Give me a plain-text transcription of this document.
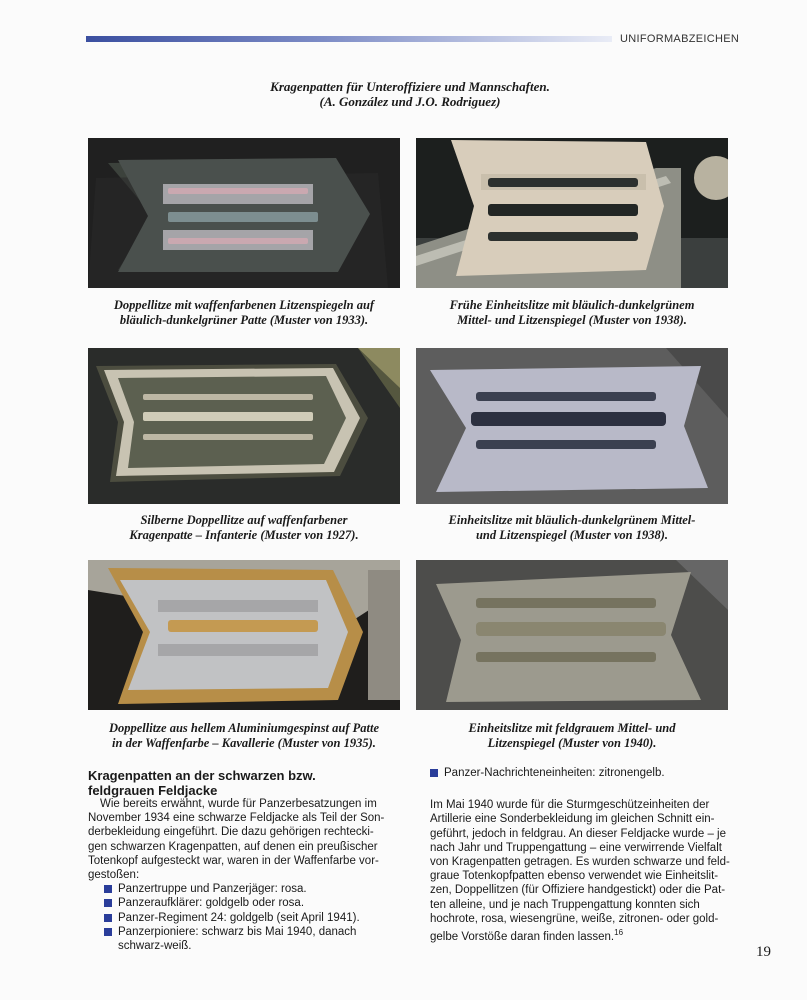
UNIFORMABZEICHEN
Kragenpatten für Unteroffiziere und Mannschaften.
(A. González und J.O. Rodriguez)
Doppellitze mit waffenfarbenen Litzenspiegeln auf
bläulich-dunkelgrüner Patte (Muster von 1933).
Frühe Einheitslitze mit bläulich-dunkelgrünem
Mittel- und Litzenspiegel (Muster von 1938).
Silberne Doppellitze auf waffenfarbener
Kragenpatte – Infanterie (Muster von 1927).
Einheitslitze mit bläulich-dunkelgrünem Mittel-
und Litzenspiegel (Muster von 1938).
Doppellitze aus hellem Aluminiumgespinst auf Patte
in der Waffenfarbe – Kavallerie (Muster von 1935).
Einheitslitze mit feldgrauem Mittel- und
Litzenspiegel (Muster von 1940).
Kragenpatten an der schwarzen bzw.
feldgrauen Feldjacke

Wie bereits erwähnt, wurde für Panzerbesatzungen im

November 1934 eine schwarze Feldjacke als Teil der Son-

derbekleidung eingeführt. Die dazu gehörigen rechtecki-

gen schwarzen Kragenpatten, auf denen ein preußischer

Totenkopf aufgesteckt war, waren in der Waffenfarbe vor-

gestoßen:

Panzertruppe und Panzerjäger: rosa.
Panzeraufklärer: goldgelb oder rosa.
Panzer-Regiment 24: goldgelb (seit April 1941).
Panzerpioniere: schwarz bis Mai 1940, danach

schwarz-weiß.

Panzer-Nachrichteneinheiten: zitronengelb.

Im Mai 1940 wurde für die Sturmgeschützeinheiten der

Artillerie eine Sonderbekleidung im gleichen Schnitt ein-

geführt, jedoch in feldgrau. An dieser Feldjacke wurde – je

nach Jahr und Truppengattung – eine verwirrende Vielfalt

von Kragenpatten getragen. Es wurden schwarze und feld-

graue Totenkopfpatten ebenso verwendet wie Einheitslit-

zen, Doppellitzen (für Offiziere handgestickt) oder die Pat-

ten alleine, und je nach Truppengattung konnten sich

hochrote, rosa, wiesengrüne, weiße, zitronen- oder gold-

gelbe Vorstöße daran finden lassen.$^{16}$

19
